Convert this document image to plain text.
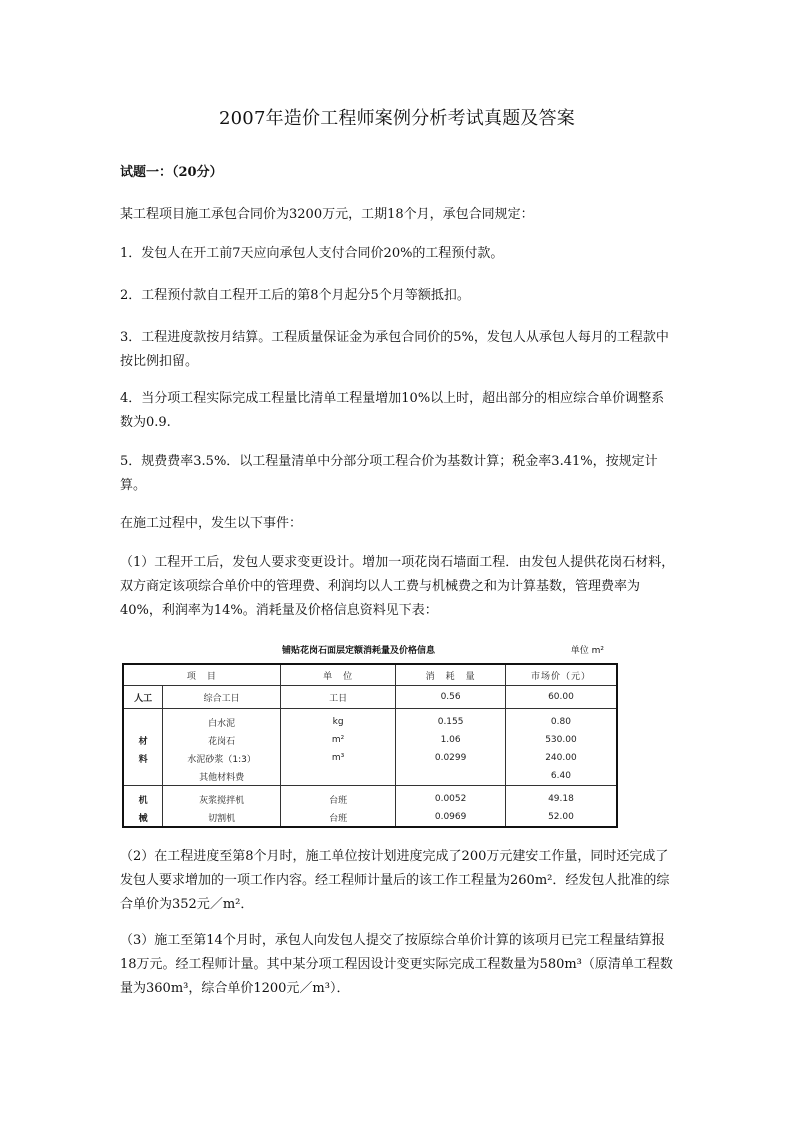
2007年造价工程师案例分析考试真题及答案
试题一：（20分）
某工程项目施工承包合同价为3200万元，工期18个月，承包合同规定：
1．发包人在开工前7天应向承包人支付合同价20%的工程预付款。
2．工程预付款自工程开工后的第8个月起分5个月等额抵扣。
3．工程进度款按月结算。工程质量保证金为承包合同价的5%，发包人从承包人每月的工程款中按比例扣留。
4．当分项工程实际完成工程量比清单工程量增加10%以上时，超出部分的相应综合单价调整系数为0.9.
5．规费费率3.5%．以工程量清单中分部分项工程合价为基数计算；税金率3.41%，按规定计算。
在施工过程中，发生以下事件：
（1）工程开工后，发包人要求变更设计。增加一项花岗石墙面工程．由发包人提供花岗石材料，双方商定该项综合单价中的管理费、利润均以人工费与机械费之和为计算基数，管理费率为40%，利润率为14%。消耗量及价格信息资料见下表：
铺贴花岗石面层定额消耗量及价格信息	单位 m²
项　目		单　位	消　耗　量	市场价（元）
人工	综合工日	工日	0.56	60.00
	白水泥	kg	0.155	0.80
材	花岗石	m²	1.06	530.00
料	水泥砂浆（1:3）	m³	0.0299	240.00
	其他材料费			6.40
机	灰浆搅拌机	台班	0.0052	49.18
械	切割机	台班	0.0969	52.00
（2）在工程进度至第8个月时，施工单位按计划进度完成了200万元建安工作量，同时还完成了发包人要求增加的一项工作内容。经工程师计量后的该工作工程量为260m²．经发包人批准的综合单价为352元／m²．
（3）施工至第14个月时，承包人向发包人提交了按原综合单价计算的该项月已完工程量结算报18万元。经工程师计量。其中某分项工程因设计变更实际完成工程数量为580m³（原清单工程数量为360m³，综合单价1200元／m³）．
